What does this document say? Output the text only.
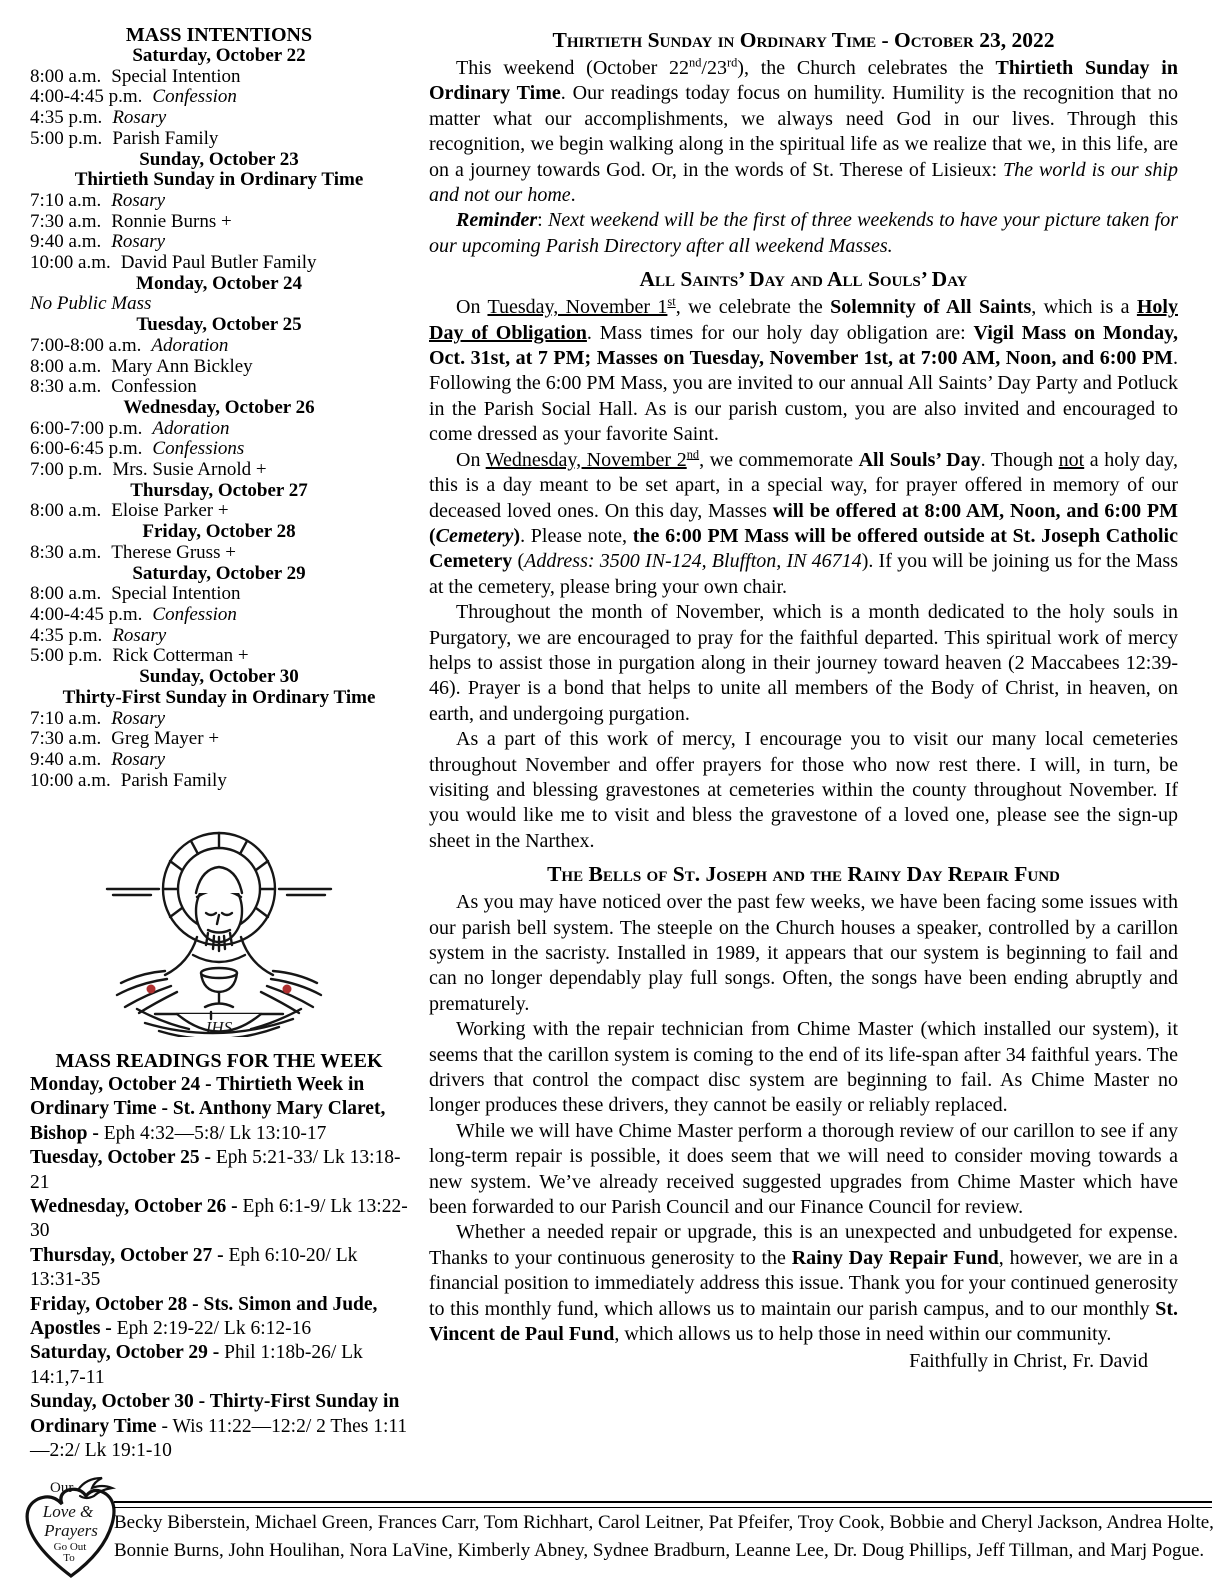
MASS INTENTIONS
Saturday, October 22
8:00 a.m. Special Intention
4:00-4:45 p.m. Confession
4:35 p.m. Rosary
5:00 p.m. Parish Family
Sunday, October 23
Thirtieth Sunday in Ordinary Time
7:10 a.m. Rosary
7:30 a.m. Ronnie Burns +
9:40 a.m. Rosary
10:00 a.m. David Paul Butler Family
Monday, October 24
No Public Mass
Tuesday, October 25
7:00-8:00 a.m. Adoration
8:00 a.m. Mary Ann Bickley
8:30 a.m. Confession
Wednesday, October 26
6:00-7:00 p.m. Adoration
6:00-6:45 p.m. Confessions
7:00 p.m. Mrs. Susie Arnold +
Thursday, October 27
8:00 a.m. Eloise Parker +
Friday, October 28
8:30 a.m. Therese Gruss +
Saturday, October 29
8:00 a.m. Special Intention
4:00-4:45 p.m. Confession
4:35 p.m. Rosary
5:00 p.m. Rick Cotterman +
Sunday, October 30
Thirty-First Sunday in Ordinary Time
7:10 a.m. Rosary
7:30 a.m. Greg Mayer +
9:40 a.m. Rosary
10:00 a.m. Parish Family
IHS
MASS READINGS FOR THE WEEK
Monday, October 24 - Thirtieth Week in Ordinary Time - St. Anthony Mary Claret, Bishop - Eph 4:32—5:8/ Lk 13:10-17
Tuesday, October 25 - Eph 5:21-33/ Lk 13:18-21
Wednesday, October 26 - Eph 6:1-9/ Lk 13:22-30
Thursday, October 27 - Eph 6:10-20/ Lk 13:31-35
Friday, October 28 - Sts. Simon and Jude, Apostles - Eph 2:19-22/ Lk 6:12-16
Saturday, October 29 - Phil 1:18b-26/ Lk 14:1,7-11
Sunday, October 30 - Thirty-First Sunday in Ordinary Time - Wis 11:22—12:2/ 2 Thes 1:11—2:2/ Lk 19:1-10
Thirtieth Sunday in Ordinary Time - October 23, 2022

This weekend (October 22nd/23rd), the Church celebrates the Thirtieth Sunday in Ordinary Time. Our readings today focus on humility. Humility is the recognition that no matter what our accomplishments, we always need God in our lives. Through this recognition, we begin walking along in the spiritual life as we realize that we, in this life, are on a journey towards God. Or, in the words of St. Therese of Lisieux: The world is our ship and not our home.

Reminder: Next weekend will be the first of three weekends to have your picture taken for our upcoming Parish Directory after all weekend Masses.

All Saints’ Day and All Souls’ Day

On Tuesday, November 1st, we celebrate the Solemnity of All Saints, which is a Holy Day of Obligation. Mass times for our holy day obligation are: Vigil Mass on Monday, Oct. 31st, at 7 PM; Masses on Tuesday, November 1st, at 7:00 AM, Noon, and 6:00 PM. Following the 6:00 PM Mass, you are invited to our annual All Saints’ Day Party and Potluck in the Parish Social Hall. As is our parish custom, you are also invited and encouraged to come dressed as your favorite Saint.

On Wednesday, November 2nd, we commemorate All Souls’ Day. Though not a holy day, this is a day meant to be set apart, in a special way, for prayer offered in memory of our deceased loved ones. On this day, Masses will be offered at 8:00 AM, Noon, and 6:00 PM (Cemetery). Please note, the 6:00 PM Mass will be offered outside at St. Joseph Catholic Cemetery (Address: 3500 IN-124, Bluffton, IN 46714). If you will be joining us for the Mass at the cemetery, please bring your own chair.

Throughout the month of November, which is a month dedicated to the holy souls in Purgatory, we are encouraged to pray for the faithful departed. This spiritual work of mercy helps to assist those in purgation along in their journey toward heaven (2 Maccabees 12:39-46). Prayer is a bond that helps to unite all members of the Body of Christ, in heaven, on earth, and undergoing purgation.

As a part of this work of mercy, I encourage you to visit our many local cemeteries throughout November and offer prayers for those who now rest there. I will, in turn, be visiting and blessing gravestones at cemeteries within the county throughout November. If you would like me to visit and bless the gravestone of a loved one, please see the sign-up sheet in the Narthex.

The Bells of St. Joseph and the Rainy Day Repair Fund

As you may have noticed over the past few weeks, we have been facing some issues with our parish bell system. The steeple on the Church houses a speaker, controlled by a carillon system in the sacristy. Installed in 1989, it appears that our system is beginning to fail and can no longer dependably play full songs. Often, the songs have been ending abruptly and prematurely.

Working with the repair technician from Chime Master (which installed our system), it seems that the carillon system is coming to the end of its life-span after 34 faithful years. The drivers that control the compact disc system are beginning to fail. As Chime Master no longer produces these drivers, they cannot be easily or reliably replaced.

While we will have Chime Master perform a thorough review of our carillon to see if any long-term repair is possible, it does seem that we will need to consider moving towards a new system. We’ve already received suggested upgrades from Chime Master which have been forwarded to our Parish Council and our Finance Council for review.

Whether a needed repair or upgrade, this is an unexpected and unbudgeted for expense. Thanks to your continuous generosity to the Rainy Day Repair Fund, however, we are in a financial position to immediately address this issue. Thank you for your continued generosity to this monthly fund, which allows us to maintain our parish campus, and to our monthly St. Vincent de Paul Fund, which allows us to help those in need within our community.

Faithfully in Christ, Fr. David
Our
Love &
Prayers
Go Out
To
Becky Biberstein, Michael Green, Frances Carr, Tom Richhart, Carol Leitner, Pat Pfeifer, Troy Cook, Bobbie and Cheryl Jackson, Andrea Holte, Bonnie Burns, John Houlihan, Nora LaVine, Kimberly Abney, Sydnee Bradburn, Leanne Lee, Dr. Doug Phillips, Jeff Tillman, and Marj Pogue.
